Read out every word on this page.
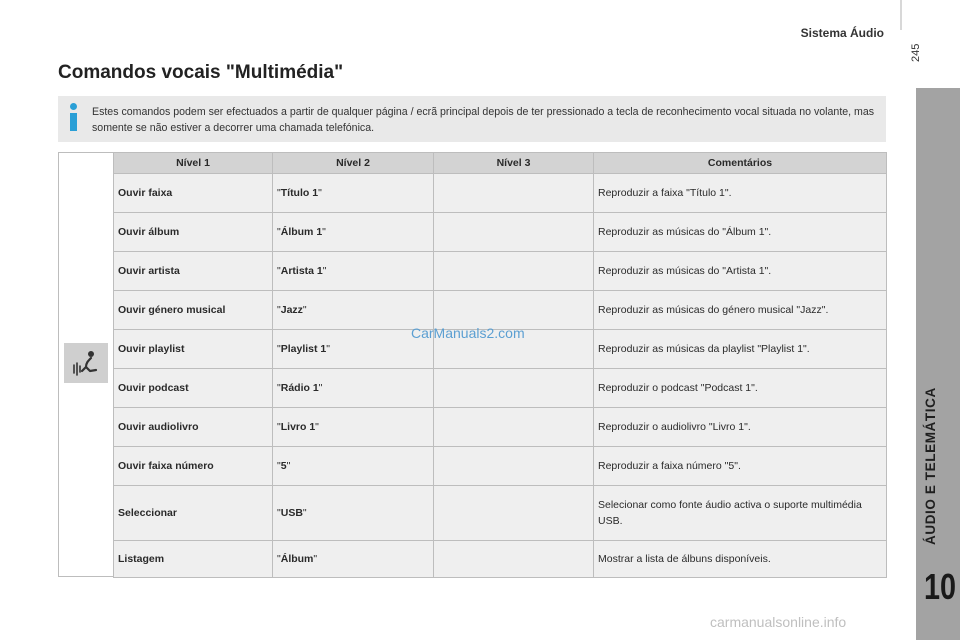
Sistema Áudio
245
ÁUDIO E TELEMÁTICA
10
Comandos vocais "Multimédia"

Estes comandos podem ser efectuados a partir de qualquer página / ecrã principal depois de ter pressionado a tecla de reconhecimento vocal situada no volante, mas somente se não estiver a decorrer uma chamada telefónica.

Nível 1	Nível 2	Nível 3	Comentários
Ouvir faixa	"Título 1"		Reproduzir a faixa "Título 1".
Ouvir álbum	"Álbum 1"		Reproduzir as músicas do "Álbum 1".
Ouvir artista	"Artista 1"		Reproduzir as músicas do "Artista 1".
Ouvir género musical	"Jazz"		Reproduzir as músicas do género musical "Jazz".
Ouvir playlist	"Playlist 1"		Reproduzir as músicas da playlist "Playlist 1".
Ouvir podcast	"Rádio 1"		Reproduzir o podcast "Podcast 1".
Ouvir audiolivro	"Livro 1"		Reproduzir o audiolivro "Livro 1".
Ouvir faixa número	"5"		Reproduzir a faixa número "5".
Seleccionar	"USB"		Selecionar como fonte áudio activa o suporte multimédia USB.
Listagem	"Álbum"		Mostrar a lista de álbuns disponíveis.
CarManuals2.com
carmanualsonline.info
